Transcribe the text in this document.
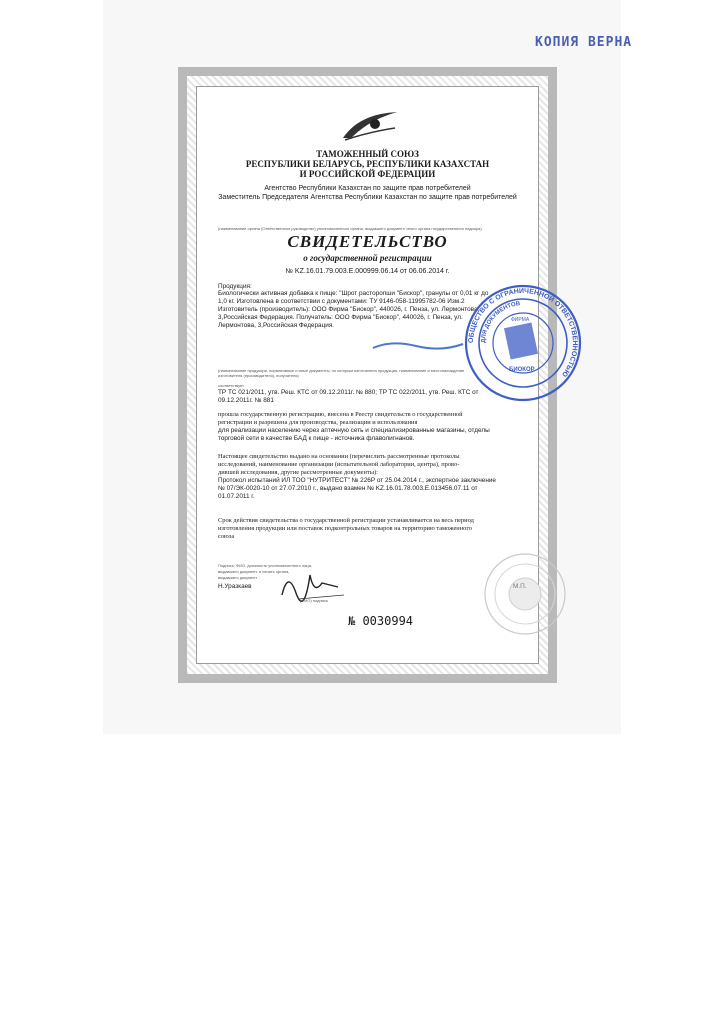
КОПИЯ ВЕРНА
ТАМОЖЕННЫЙ СОЮЗ
РЕСПУБЛИКИ БЕЛАРУСЬ, РЕСПУБЛИКИ КАЗАХСТАН
И РОССИЙСКОЙ ФЕДЕРАЦИИ
Агентство Республики Казахстан по защите прав потребителей
Заместитель Председателя Агентства Республики Казахстан по защите прав потребителей
(наименование органа (Ответственное руководство) уполномоченного органа, выдавшего документ/ иного органа государственного надзора)
СВИДЕТЕЛЬСТВО
о государственной регистрации
№ KZ.16.01.79.003.Е.000999.06.14 от 06.06.2014 г.
Продукция:
Биологически активная добавка к пище: "Шрот расторопши "Бискор", гранулы от 0,01 кг до
1,0 кг. Изготовлена в соответствии с документами: ТУ 9146-058-11995782-06 Изм.2
Изготовитель (производитель): ООО Фирма "Биокор", 440026, г. Пенза, ул. Лермонтова,
3,Российская Федерация. Получатель: ООО Фирма "Биокор", 440026, г. Пенза, ул.
Лермонтова, 3,Российская Федерация.
(наименование продукции, нормативные и иные документы, по которым изготовлена продукция, наименование и местонахождение изготовителя (производителя), получателя)
соответствует
ТР ТС 021/2011, утв. Реш. КТС от 09.12.2011г. № 880; ТР ТС 022/2011, утв. Реш. КТС от
09.12.2011г. № 881
прошла государственную регистрацию, внесена в Реестр свидетельств о государственной
регистрации и разрешена для производства, реализации и использования
для реализации населению через аптечную сеть и специализированные магазины, отделы
торговой сети в качестве БАД к пище - источника флаволигнанов.
Настоящее свидетельство выдано на основании (перечислить рассмотренные протоколы
исследований, наименование организации (испытательной лаборатории, центра), прово-
дившей исследования, другие рассмотренные документы):
Протокол испытаний ИЛ ТОО "НУТРИТЕСТ" № 226Р от 25.04.2014 г., экспертное заключение
№ 07/ЭК-0020-10 от 27.07.2010 г., выдано взамен № KZ.16.01.78.003.Е.013456.07.11 от
01.07.2011 г.
Срок действия свидетельства о государственной регистрации устанавливается на весь период
изготовления продукции или поставок подконтрольных товаров на территорию таможенного
союза
Подпись, ФИО, должность уполномоченного лица,
выдавшего документ, и печать органа,
выдавшего документ
Н.Уразкаев
(ФИО) подпись
М.П.
№ 0030994
ОБЩЕСТВО С ОГРАНИЧЕННОЙ ОТВЕТСТВЕННОСТЬЮ
ДЛЯ ДОКУМЕНТОВ
БИОКОР
ФИРМА
